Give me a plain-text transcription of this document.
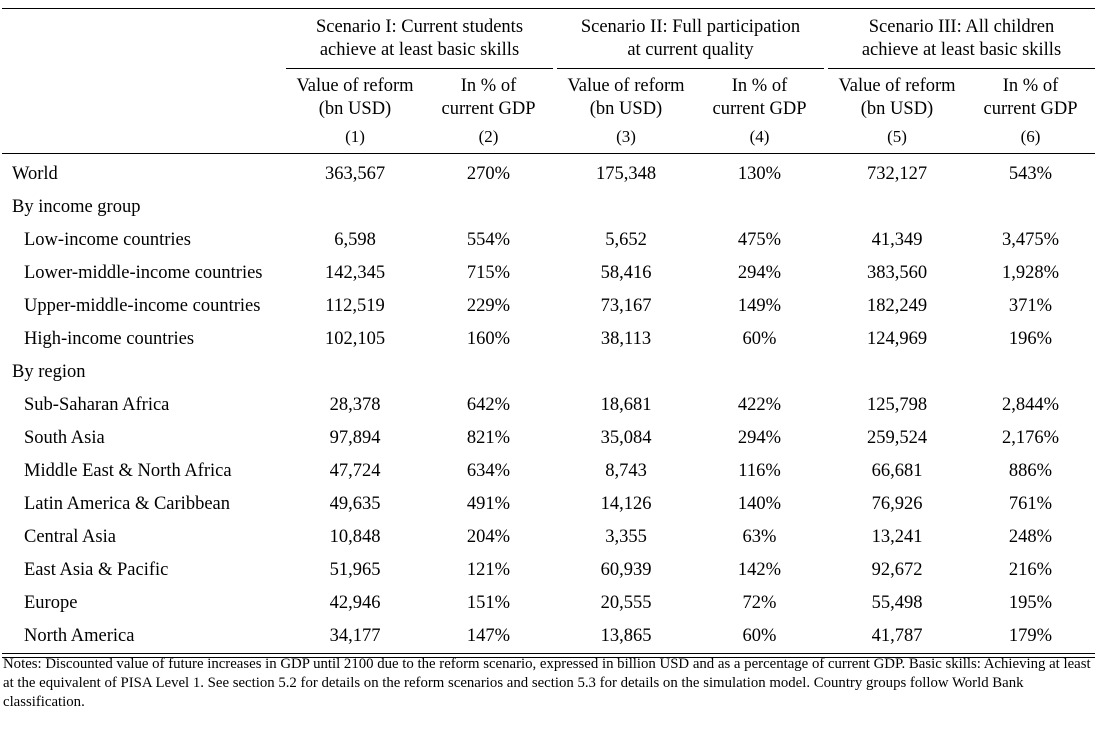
	Scenario I: Current students
achieve at least basic skills			Scenario II: Full participation
at current quality			Scenario III: All children
achieve at least basic skills	

	Value of reform
(bn USD)	In % of
current GDP		Value of reform
(bn USD)	In % of
current GDP		Value of reform
(bn USD)	In % of
current GDP
	(1)	(2)		(3)	(4)		(5)	(6)
World	363,567	270%		175,348	130%		732,127	543%
By income group								
Low-income countries	6,598	554%		5,652	475%		41,349	3,475%
Lower-middle-income countries	142,345	715%		58,416	294%		383,560	1,928%
Upper-middle-income countries	112,519	229%		73,167	149%		182,249	371%
High-income countries	102,105	160%		38,113	60%		124,969	196%
By region								
Sub-Saharan Africa	28,378	642%		18,681	422%		125,798	2,844%
South Asia	97,894	821%		35,084	294%		259,524	2,176%
Middle East & North Africa	47,724	634%		8,743	116%		66,681	886%
Latin America & Caribbean	49,635	491%		14,126	140%		76,926	761%
Central Asia	10,848	204%		3,355	63%		13,241	248%
East Asia & Pacific	51,965	121%		60,939	142%		92,672	216%
Europe	42,946	151%		20,555	72%		55,498	195%
North America	34,177	147%		13,865	60%		41,787	179%

Notes: Discounted value of future increases in GDP until 2100 due to the reform scenario, expressed in billion USD and as a percentage of current GDP. Basic skills: Achieving at least at the equivalent of PISA Level 1. See section 5.2 for details on the reform scenarios and section 5.3 for details on the simulation model. Country groups follow World Bank classification.
